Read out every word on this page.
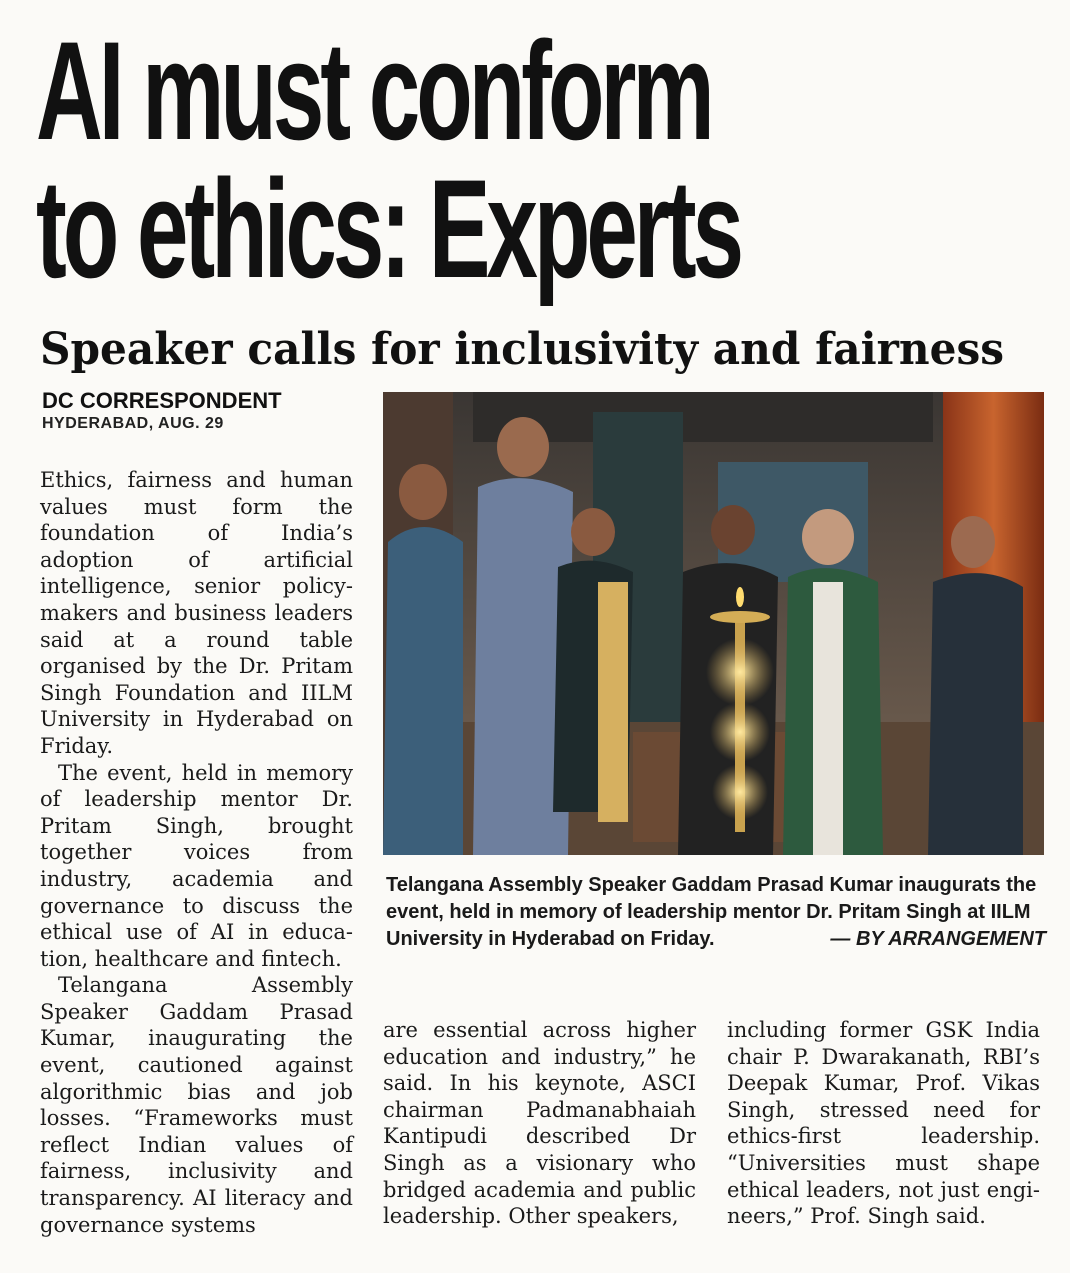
AI must conform
to ethics: Experts
Speaker calls for inclusivity and fairness
DC CORRESPONDENT
HYDERABAD, AUG. 29

Ethics, fairness and human values must form the foundation of India’s adoption of artificial intelligence, senior policymakers and business leaders said at a round table organised by the Dr. Pritam Singh Foundation and IILM University in Hyderabad on Friday.

The event, held in memory of leadership mentor Dr. Pritam Singh, brought together voices from industry, academia and governance to discuss the ethical use of AI in education, healthcare and fintech.

Telangana Assembly Speaker Gaddam Prasad Kumar, inaugurating the event, cautioned against algorithmic bias and job losses. “Frameworks must reflect Indian values of fairness, inclusivity and transparency. AI literacy and governance systems

Telangana Assembly Speaker Gaddam Prasad Kumar inaugurats the event, held in memory of leadership mentor Dr. Pritam Singh at IILM University in Hyderabad on Friday.	— BY ARRANGEMENT

are essential across higher education and industry,” he said. In his keynote, ASCI chairman Padmanabhaiah Kantipudi described Dr Singh as a visionary who bridged academia and public leadership. Other speakers,

including former GSK India chair P. Dwarakanath, RBI’s Deepak Kumar, Prof. Vikas Singh, stressed need for ethics-first leadership. “Universities must shape ethical leaders, not just engineers,” Prof. Singh said.
